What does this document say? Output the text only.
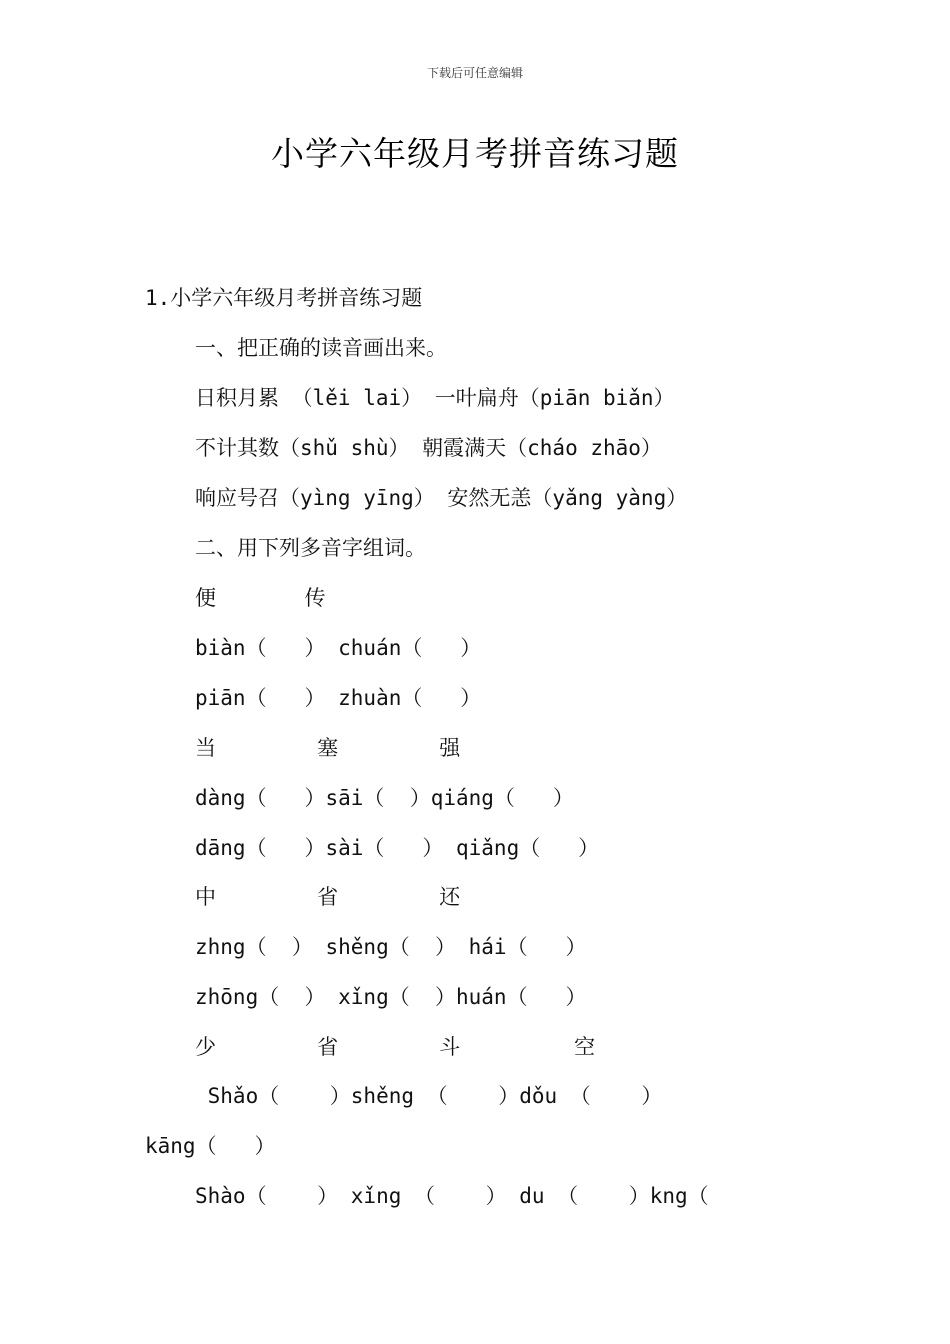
下载后可任意编辑
小学六年级月考拼音练习题
1.小学六年级月考拼音练习题
一、把正确的读音画出来。
日积月累 （lěi lai） 一叶扁舟（piān biǎn）
不计其数（shǔ shù） 朝霞满天（cháo zhāo）
响应号召（yìng yīng） 安然无恙（yǎng yàng）
二、用下列多音字组词。
便       传
biàn（   ） chuán（   ）
piān（   ） zhuàn（   ）
当        塞        强
dàng（   ）sāi（  ）qiáng（   ）
dāng（   ）sài（   ） qiǎng（   ）
中        省        还
zhng（  ） shěng（  ） hái（   ）
zhōng（  ） xǐng（  ）huán（   ）
少        省        斗         空
Shǎo（    ）shěng （    ）dǒu （    ）
kāng（   ）
Shào（    ） xǐng （    ） du （    ）kng（
